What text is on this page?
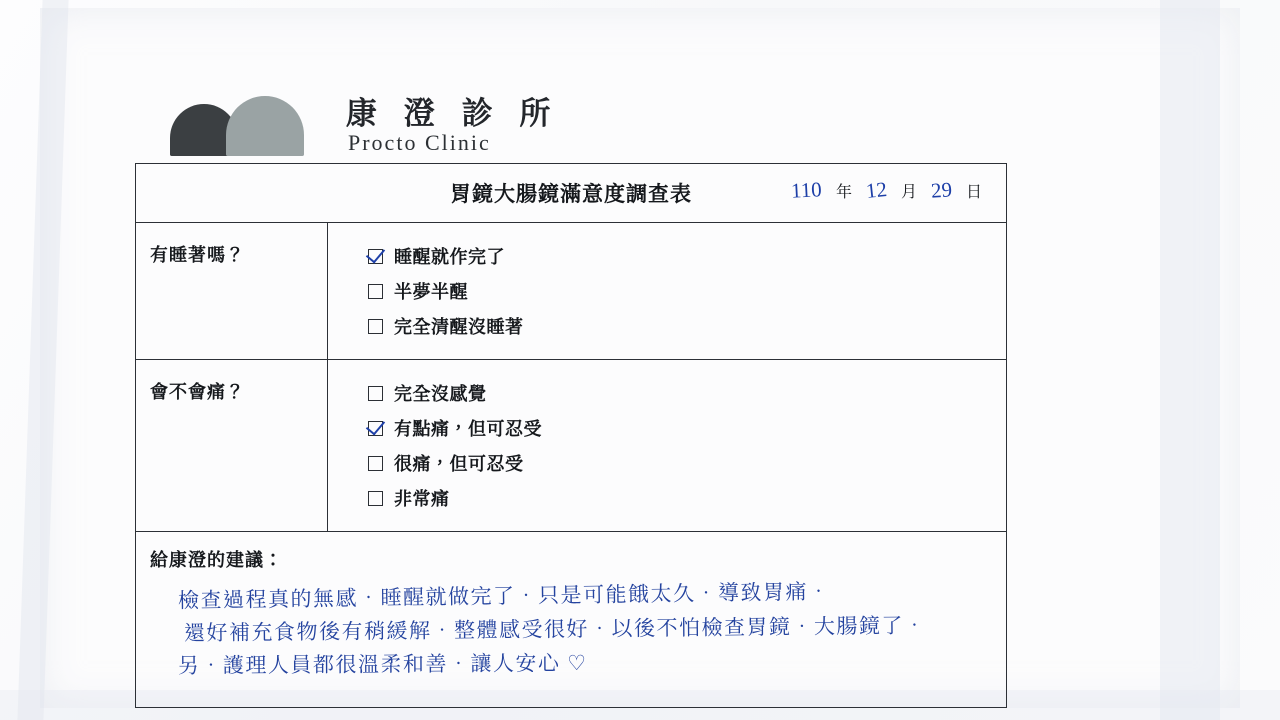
康 澄 診 所
Procto Clinic
胃鏡大腸鏡滿意度調查表	110 年 12 月 29 日
有睡著嗎？	睡醒就作完了
半夢半醒
完全清醒沒睡著
會不會痛？	完全沒感覺
有點痛，但可忍受
很痛，但可忍受
非常痛
給康澄的建議：
檢查過程真的無感．睡醒就做完了．只是可能餓太久．導致胃痛．
還好補充食物後有稍緩解．整體感受很好．以後不怕檢查胃鏡．大腸鏡了．
另．護理人員都很溫柔和善．讓人安心 ♡
